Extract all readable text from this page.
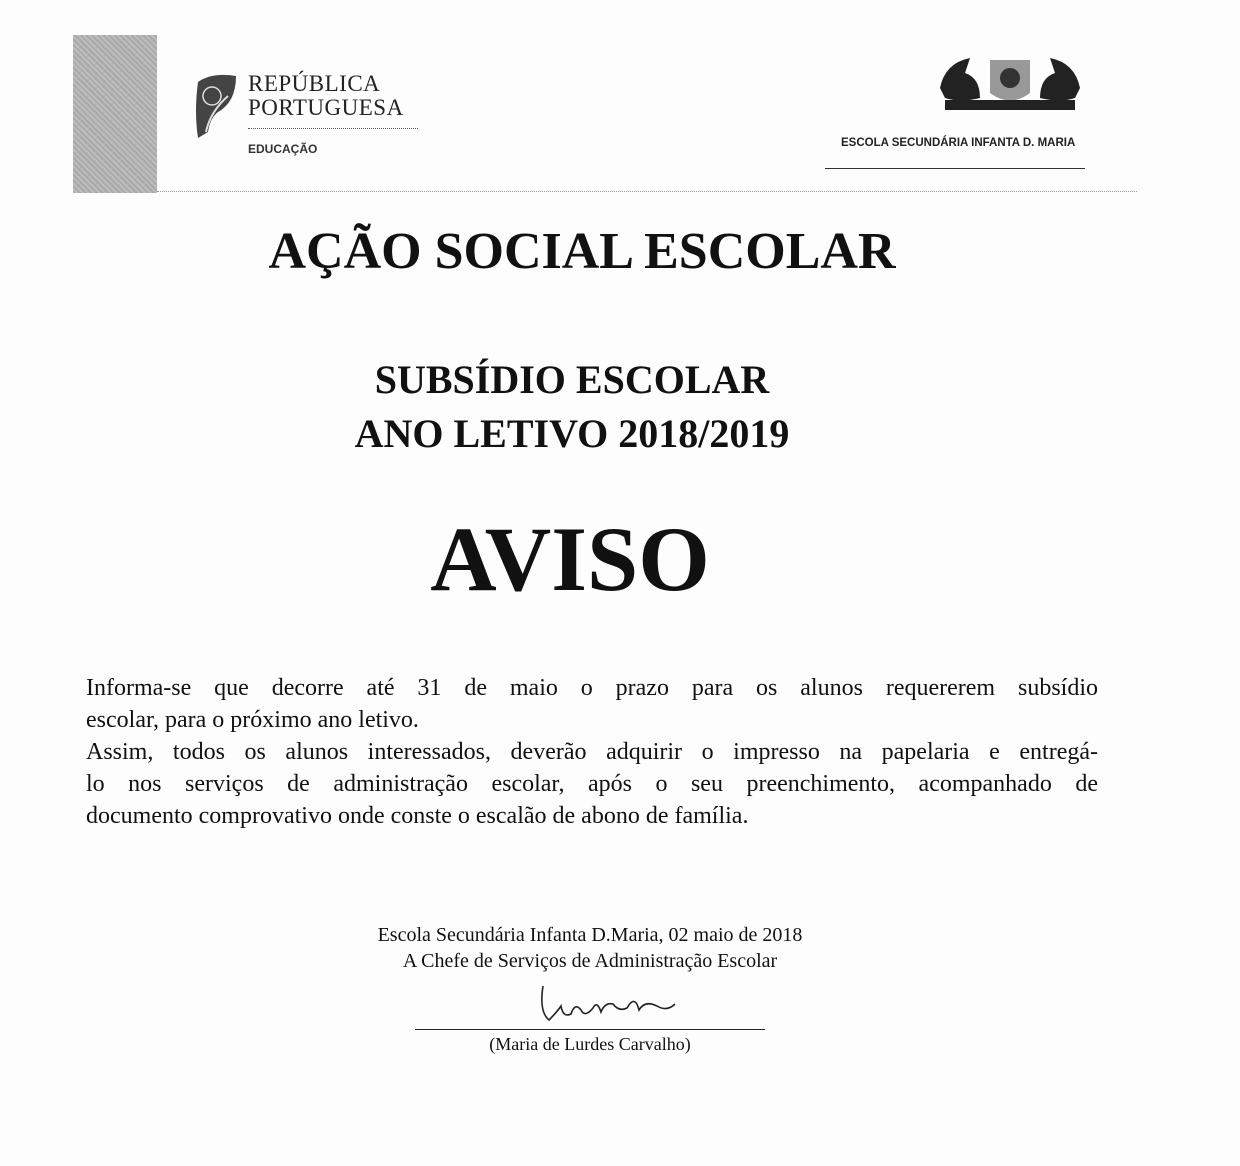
REPÚBLICA
PORTUGUESA
EDUCAÇÃO	ESCOLA SECUNDÁRIA INFANTA D. MARIA
AÇÃO SOCIAL ESCOLAR
SUBSÍDIO ESCOLAR
ANO LETIVO 2018/2019
AVISO
Informa-se que decorre até 31 de maio o prazo para os alunos requererem subsídio
escolar, para o próximo ano letivo.
Assim, todos os alunos interessados, deverão adquirir o impresso na papelaria e entregá-
lo nos serviços de administração escolar, após o seu preenchimento, acompanhado de
documento comprovativo onde conste o escalão de abono de família.
Escola Secundária Infanta D.Maria, 02 maio de 2018
A Chefe de Serviços de Administração Escolar
(Maria de Lurdes Carvalho)
